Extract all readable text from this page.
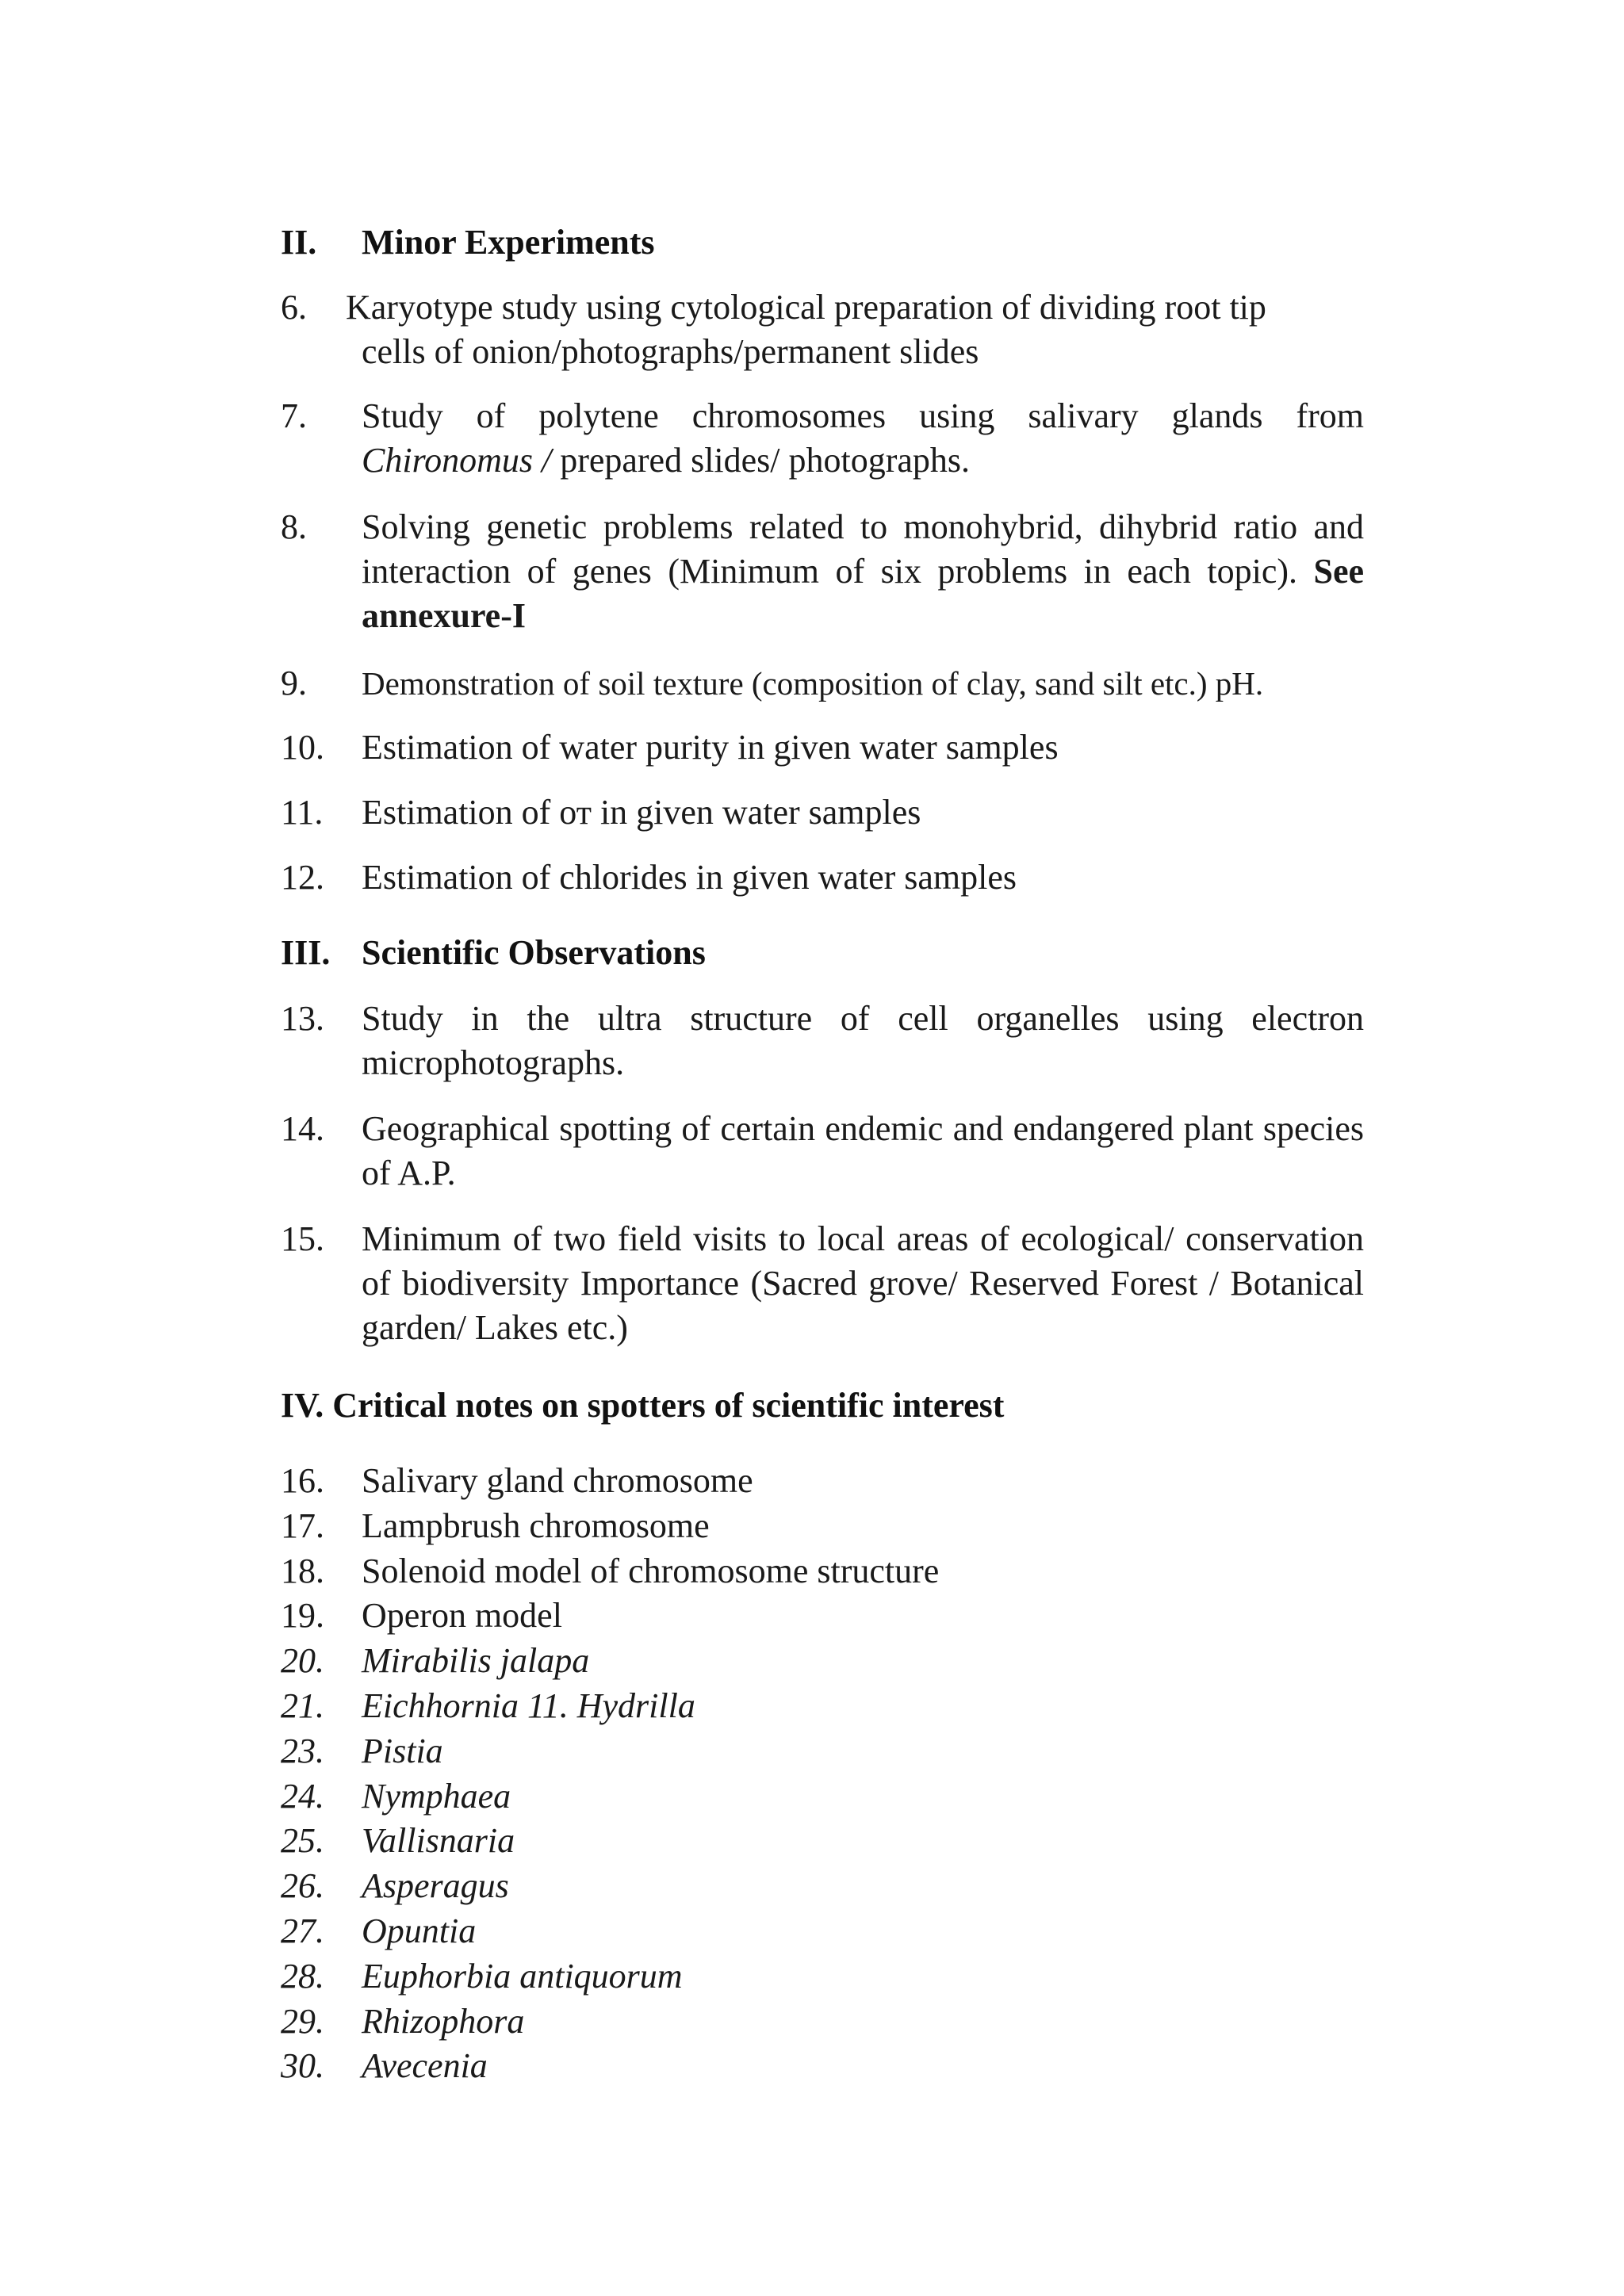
II. Minor Experiments
6.	Karyotype study using cytological preparation of dividing root tip
cells of onion/photographs/permanent slides
7.	Study of polytene chromosomes using salivary glands from Chironomus / prepared slides/ photographs.
8.	Solving genetic problems related to monohybrid, dihybrid ratio and interaction of genes (Minimum of six problems in each topic). See annexure-I
9.	Demonstration of soil texture (composition of clay, sand silt etc.) pH.
10.	Estimation of water purity in given water samples
11.	Estimation of от in given water samples
12.	Estimation of chlorides in given water samples
III. Scientific Observations
13.	Study in the ultra structure of cell organelles using electron microphotographs.
14.	Geographical spotting of certain endemic and endangered plant species of A.P.
15.	Minimum of two field visits to local areas of ecological/ conservation of biodiversity Importance (Sacred grove/ Reserved Forest / Botanical garden/ Lakes etc.)
IV. Critical notes on spotters of scientific interest
16. Salivary gland chromosome
17. Lampbrush chromosome
18. Solenoid model of chromosome structure
19. Operon model
20. Mirabilis jalapa
21. Eichhornia 11. Hydrilla
23. Pistia
24. Nymphaea
25. Vallisnaria
26. Asperagus
27. Opuntia
28. Euphorbia antiquorum
29. Rhizophora
30. Avecenia
